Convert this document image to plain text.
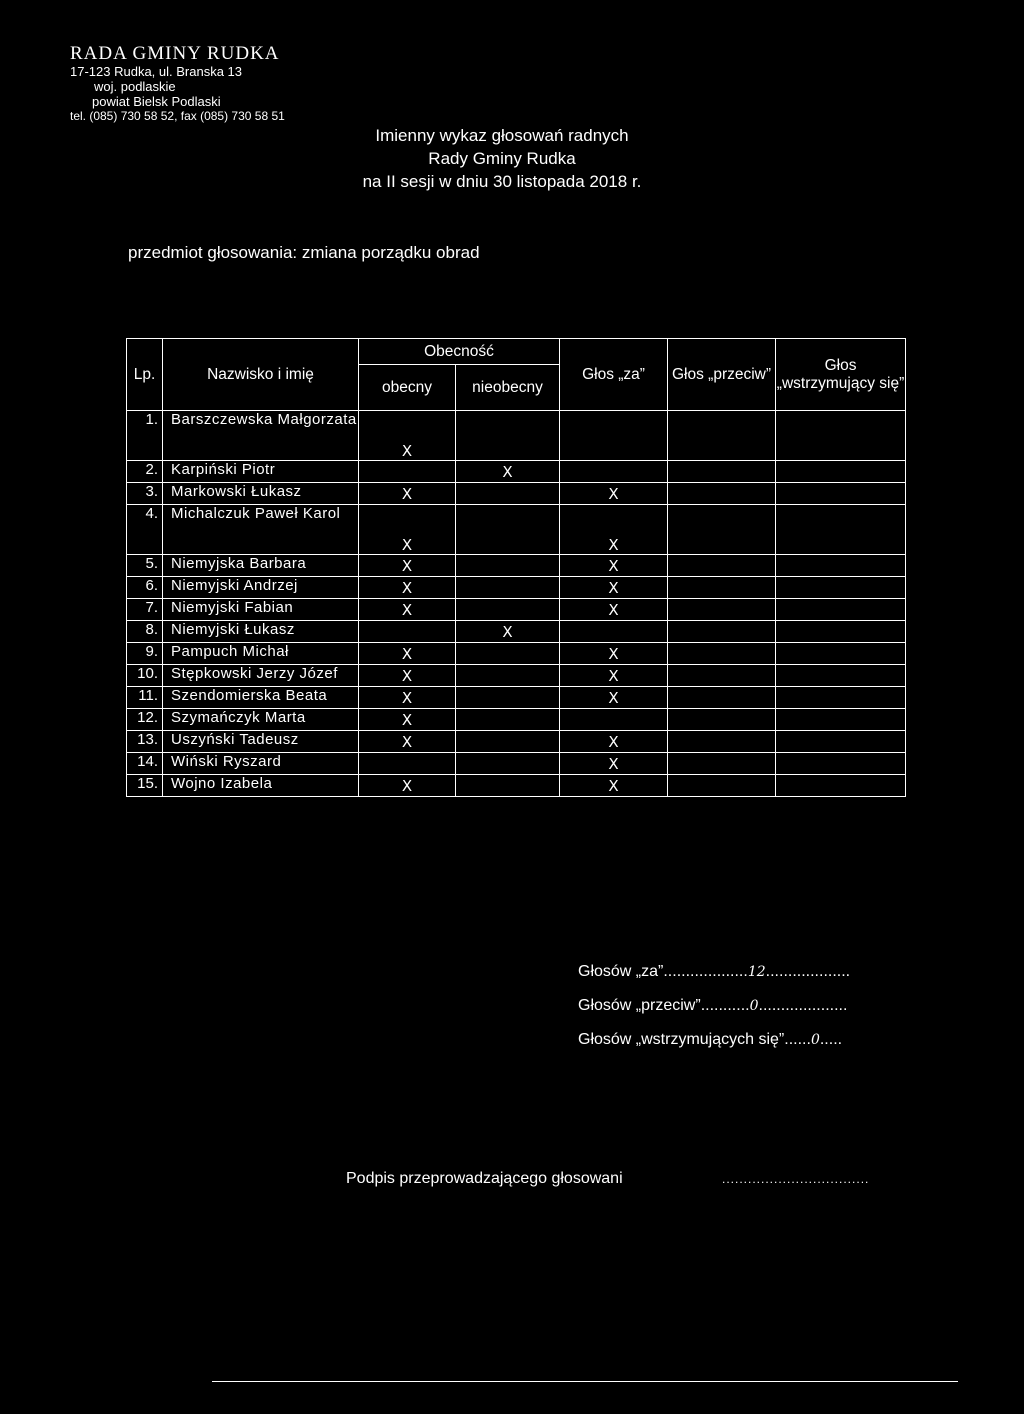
RADA GMINY RUDKA
17-123 Rudka, ul. Branska 13
woj. podlaskie
powiat Bielsk Podlaski
tel. (085) 730 58 52, fax (085) 730 58 51
Imienny wykaz głosowań radnych
Rady Gminy Rudka
na II sesji w dniu 30 listopada 2018 r.
przedmiot głosowania: zmiana porządku obrad
Lp.	Nazwisko i imię	Obecność		Głos „za”	Głos „przeciw”	Głos „wstrzymujący się”
		obecny	nieobecny			
1.	Barszczewska Małgorzata	X				
2.	Karpiński Piotr		X			
3.	Markowski Łukasz	X		X		
4.	Michalczuk Paweł Karol	X		X		
5.	Niemyjska Barbara	X		X		
6.	Niemyjski Andrzej	X		X		
7.	Niemyjski Fabian	X		X		
8.	Niemyjski Łukasz		X			
9.	Pampuch Michał	X		X		
10.	Stępkowski Jerzy Józef	X		X		
11.	Szendomierska Beata	X		X		
12.	Szymańczyk Marta	X				
13.	Uszyński Tadeusz	X		X		
14.	Wiński Ryszard			X		
15.	Wojno Izabela	X		X		
Głosów „za”...................12...................
Głosów „przeciw”...........0....................
Głosów „wstrzymujących się”......0.....
Podpis przeprowadzającego głosowani	..................................
